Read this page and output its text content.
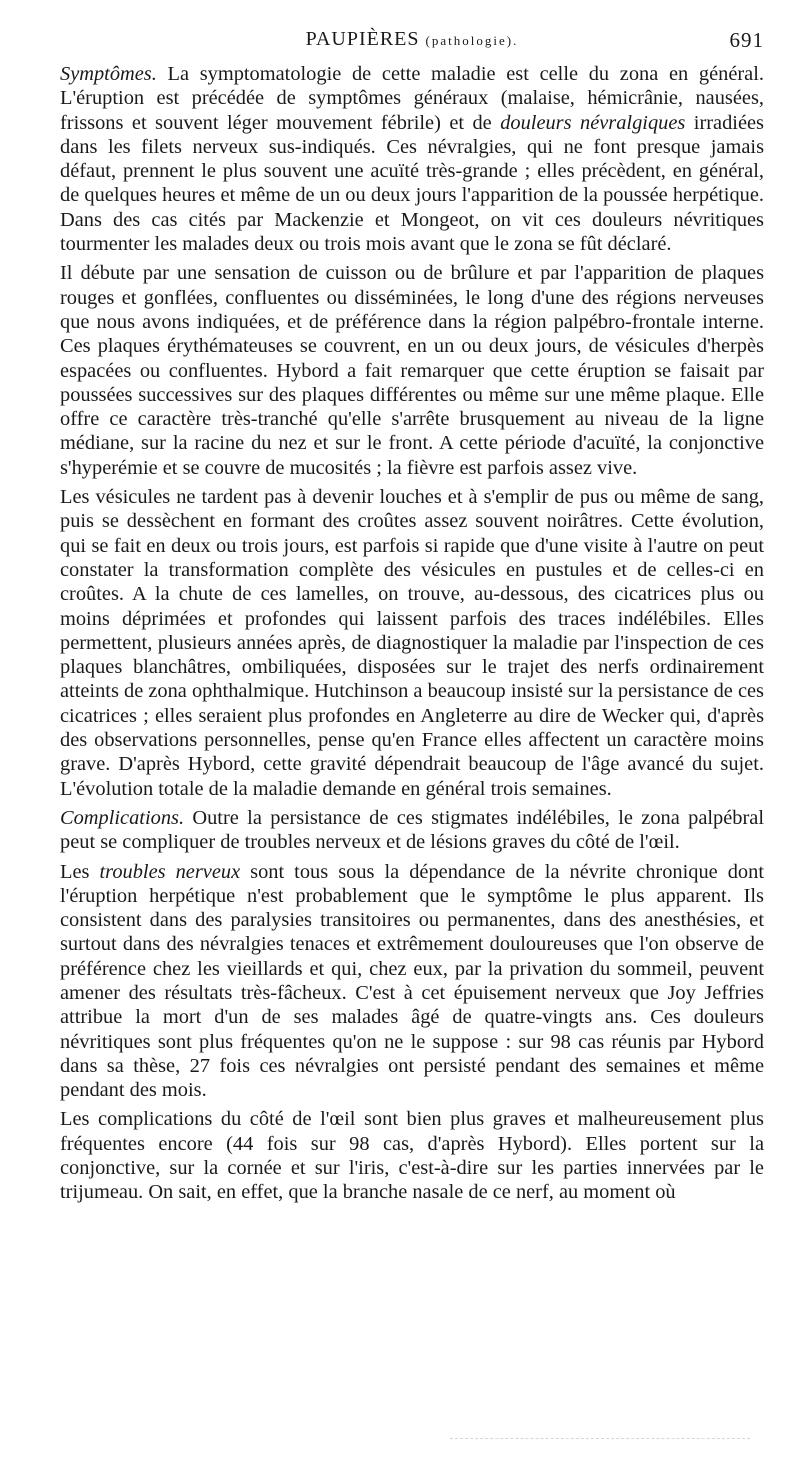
PAUPIÈRES (pathologie).	691

Symptômes. La symptomatologie de cette maladie est celle du zona en général. L'éruption est précédée de symptômes généraux (malaise, hémicrânie, nausées, frissons et souvent léger mouvement fébrile) et de douleurs névralgiques irradiées dans les filets nerveux sus-indiqués. Ces névralgies, qui ne font presque jamais défaut, prennent le plus souvent une acuïté très-grande ; elles précèdent, en général, de quelques heures et même de un ou deux jours l'apparition de la poussée herpétique. Dans des cas cités par Mackenzie et Mongeot, on vit ces douleurs névritiques tourmenter les malades deux ou trois mois avant que le zona se fût déclaré.

Il débute par une sensation de cuisson ou de brûlure et par l'apparition de plaques rouges et gonflées, confluentes ou disséminées, le long d'une des régions nerveuses que nous avons indiquées, et de préférence dans la région palpébro-frontale interne. Ces plaques érythémateuses se couvrent, en un ou deux jours, de vésicules d'herpès espacées ou confluentes. Hybord a fait remarquer que cette éruption se faisait par poussées successives sur des plaques différentes ou même sur une même plaque. Elle offre ce caractère très-tranché qu'elle s'arrête brusquement au niveau de la ligne médiane, sur la racine du nez et sur le front. A cette période d'acuïté, la conjonctive s'hyperémie et se couvre de mucosités ; la fièvre est parfois assez vive.

Les vésicules ne tardent pas à devenir louches et à s'emplir de pus ou même de sang, puis se dessèchent en formant des croûtes assez souvent noirâtres. Cette évolution, qui se fait en deux ou trois jours, est parfois si rapide que d'une visite à l'autre on peut constater la transformation complète des vésicules en pustules et de celles-ci en croûtes. A la chute de ces lamelles, on trouve, au-dessous, des cicatrices plus ou moins déprimées et profondes qui laissent parfois des traces indélébiles. Elles permettent, plusieurs années après, de diagnostiquer la maladie par l'inspection de ces plaques blanchâtres, ombiliquées, disposées sur le trajet des nerfs ordinairement atteints de zona ophthalmique. Hutchinson a beaucoup insisté sur la persistance de ces cicatrices ; elles seraient plus profondes en Angleterre au dire de Wecker qui, d'après des observations personnelles, pense qu'en France elles affectent un caractère moins grave. D'après Hybord, cette gravité dépendrait beaucoup de l'âge avancé du sujet. L'évolution totale de la maladie demande en général trois semaines.

Complications. Outre la persistance de ces stigmates indélébiles, le zona palpébral peut se compliquer de troubles nerveux et de lésions graves du côté de l'œil.

Les troubles nerveux sont tous sous la dépendance de la névrite chronique dont l'éruption herpétique n'est probablement que le symptôme le plus apparent. Ils consistent dans des paralysies transitoires ou permanentes, dans des anesthésies, et surtout dans des névralgies tenaces et extrêmement douloureuses que l'on observe de préférence chez les vieillards et qui, chez eux, par la privation du sommeil, peuvent amener des résultats très-fâcheux. C'est à cet épuisement nerveux que Joy Jeffries attribue la mort d'un de ses malades âgé de quatre-vingts ans. Ces douleurs névritiques sont plus fréquentes qu'on ne le suppose : sur 98 cas réunis par Hybord dans sa thèse, 27 fois ces névralgies ont persisté pendant des semaines et même pendant des mois.

Les complications du côté de l'œil sont bien plus graves et malheureusement plus fréquentes encore (44 fois sur 98 cas, d'après Hybord). Elles portent sur la conjonctive, sur la cornée et sur l'iris, c'est-à-dire sur les parties innervées par le trijumeau. On sait, en effet, que la branche nasale de ce nerf, au moment où
